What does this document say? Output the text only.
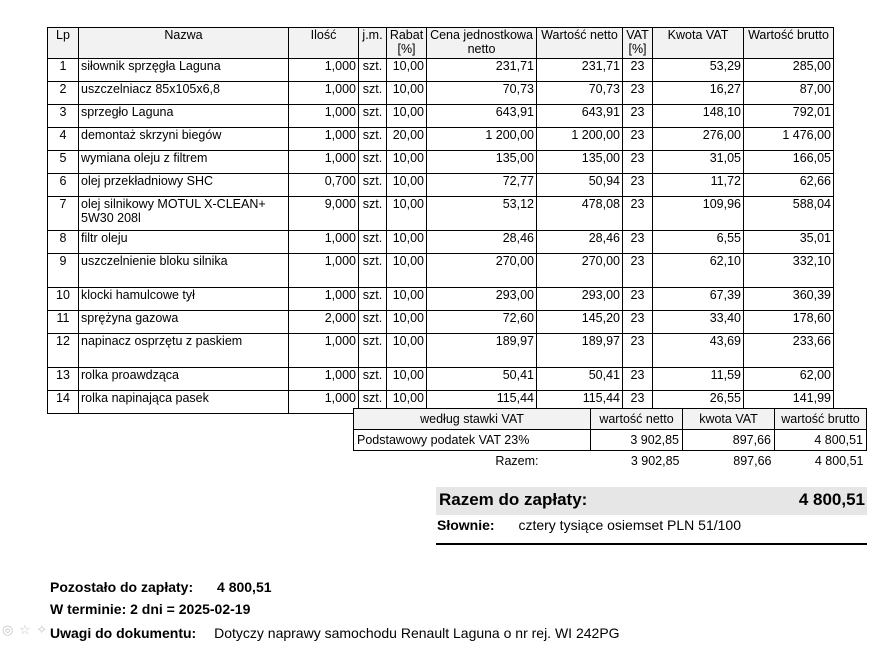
Lp	Nazwa	Ilość	j.m.	Rabat [%]	Cena jednostkowa netto	Wartość netto	VAT [%]	Kwota VAT	Wartość brutto
1	siłownik sprzęgła Laguna	1,000	szt.	10,00	231,71	231,71	23	53,29	285,00
2	uszczelniacz 85x105x6,8	1,000	szt.	10,00	70,73	70,73	23	16,27	87,00
3	sprzegło Laguna	1,000	szt.	10,00	643,91	643,91	23	148,10	792,01
4	demontaż skrzyni biegów	1,000	szt.	20,00	1 200,00	1 200,00	23	276,00	1 476,00
5	wymiana oleju z filtrem	1,000	szt.	10,00	135,00	135,00	23	31,05	166,05
6	olej przekładniowy SHC	0,700	szt.	10,00	72,77	50,94	23	11,72	62,66
7	olej silnikowy MOTUL X-CLEAN+ 5W30 208l	9,000	szt.	10,00	53,12	478,08	23	109,96	588,04
8	filtr oleju	1,000	szt.	10,00	28,46	28,46	23	6,55	35,01
9	uszczelnienie bloku silnika	1,000	szt.	10,00	270,00	270,00	23	62,10	332,10
10	klocki hamulcowe tył	1,000	szt.	10,00	293,00	293,00	23	67,39	360,39
11	sprężyna gazowa	2,000	szt.	10,00	72,60	145,20	23	33,40	178,60
12	napinacz osprzętu z paskiem	1,000	szt.	10,00	189,97	189,97	23	43,69	233,66
13	rolka proawdząca	1,000	szt.	10,00	50,41	50,41	23	11,59	62,00
14	rolka napinająca pasek	1,000	szt.	10,00	115,44	115,44	23	26,55	141,99
według stawki VAT	wartość netto	kwota VAT	wartość brutto
Podstawowy podatek VAT 23%	3 902,85	897,66	4 800,51
Razem:	3 902,85	897,66	4 800,51
Razem do zapłaty:	4 800,51
Słownie: cztery tysiące osiemset PLN 51/100
Pozostało do zapłaty: 4 800,51
W terminie: 2 dni = 2025-02-19
Uwagi do dokumentu: Dotyczy naprawy samochodu Renault Laguna o nr rej. WI 242PG
◎ ☆ ✧
